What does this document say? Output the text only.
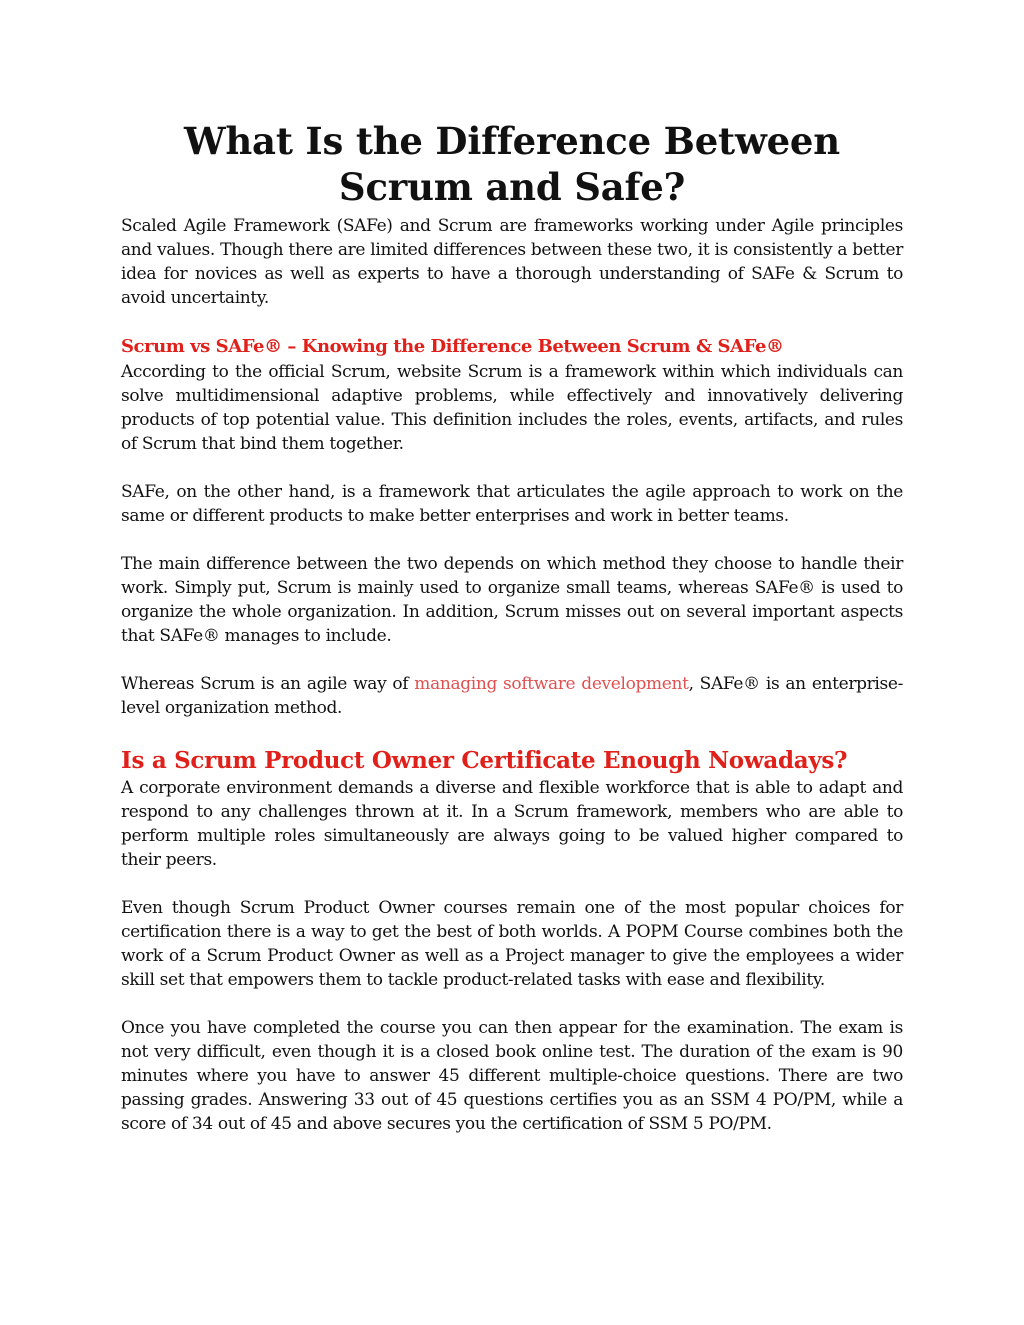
What Is the Difference Between Scrum and Safe?

Scaled Agile Framework (SAFe) and Scrum are frameworks working under Agile principles and values. Though there are limited differences between these two, it is consistently a better idea for novices as well as experts to have a thorough understanding of SAFe & Scrum to avoid uncertainty.

Scrum vs SAFe® – Knowing the Difference Between Scrum & SAFe®

According to the official Scrum, website Scrum is a framework within which individuals can solve multidimensional adaptive problems, while effectively and innovatively delivering products of top potential value. This definition includes the roles, events, artifacts, and rules of Scrum that bind them together.

SAFe, on the other hand, is a framework that articulates the agile approach to work on the same or different products to make better enterprises and work in better teams.

The main difference between the two depends on which method they choose to handle their work. Simply put, Scrum is mainly used to organize small teams, whereas SAFe® is used to organize the whole organization. In addition, Scrum misses out on several important aspects that SAFe® manages to include.

Whereas Scrum is an agile way of managing software development, SAFe® is an enterprise-level organization method.

Is a Scrum Product Owner Certificate Enough Nowadays?

A corporate environment demands a diverse and flexible workforce that is able to adapt and respond to any challenges thrown at it. In a Scrum framework, members who are able to perform multiple roles simultaneously are always going to be valued higher compared to their peers.

Even though Scrum Product Owner courses remain one of the most popular choices for certification there is a way to get the best of both worlds. A POPM Course combines both the work of a Scrum Product Owner as well as a Project manager to give the employees a wider skill set that empowers them to tackle product-related tasks with ease and flexibility.

Once you have completed the course you can then appear for the examination. The exam is not very difficult, even though it is a closed book online test. The duration of the exam is 90 minutes where you have to answer 45 different multiple-choice questions. There are two passing grades. Answering 33 out of 45 questions certifies you as an SSM 4 PO/PM, while a score of 34 out of 45 and above secures you the certification of SSM 5 PO/PM.
